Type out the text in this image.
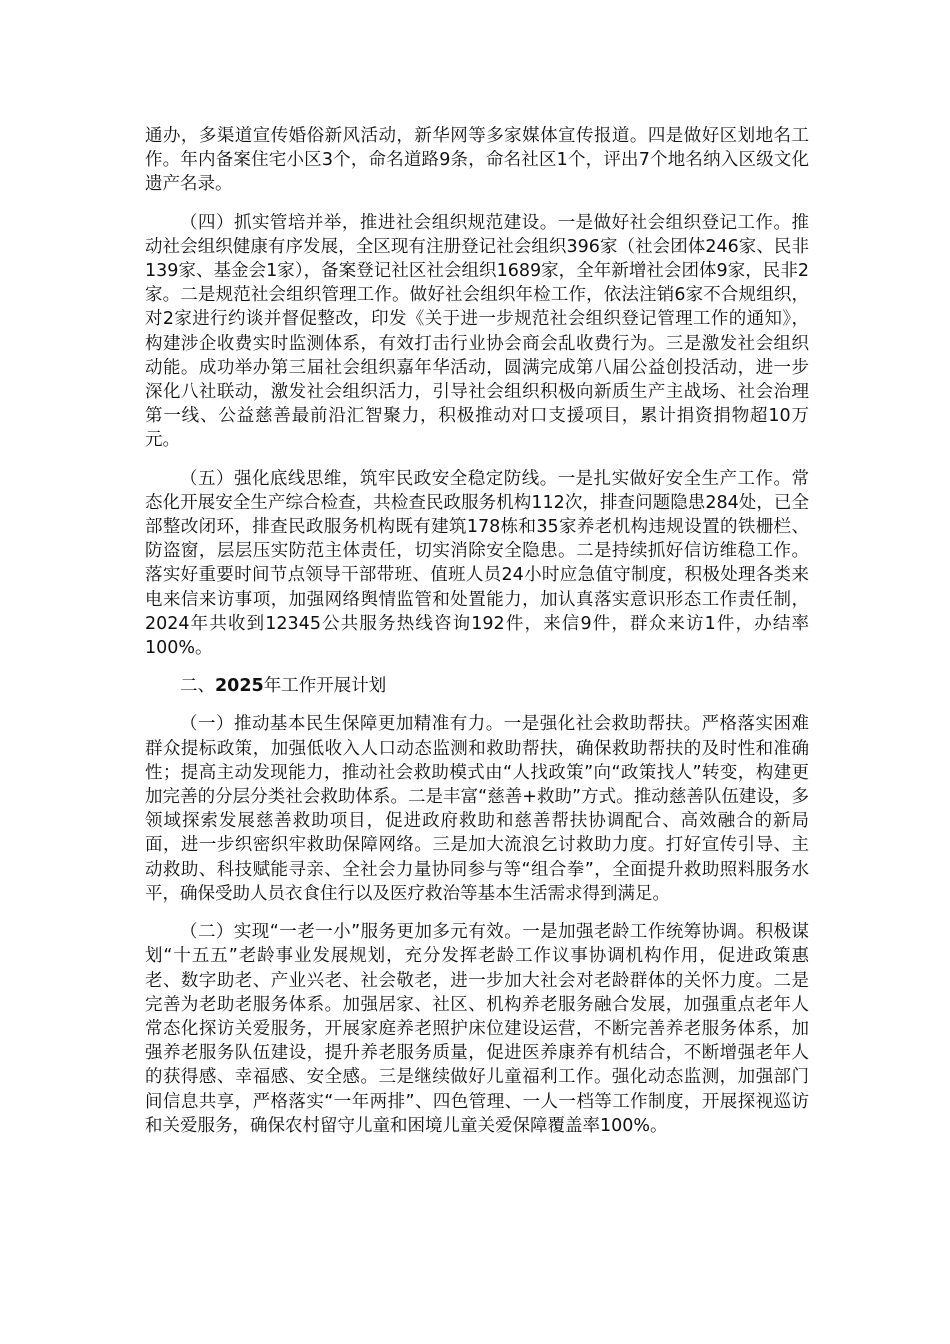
通办，多渠道宣传婚俗新风活动，新华网等多家媒体宣传报道。四是做好区划地名工作。年内备案住宅小区3个，命名道路9条，命名社区1个，评出7个地名纳入区级文化遗产名录。

（四）抓实管培并举，推进社会组织规范建设。一是做好社会组织登记工作。推动社会组织健康有序发展，全区现有注册登记社会组织396家（社会团体246家、民非139家、基金会1家），备案登记社区社会组织1689家，全年新增社会团体9家，民非2家。二是规范社会组织管理工作。做好社会组织年检工作，依法注销6家不合规组织，对2家进行约谈并督促整改，印发《关于进一步规范社会组织登记管理工作的通知》，构建涉企收费实时监测体系，有效打击行业协会商会乱收费行为。三是激发社会组织动能。成功举办第三届社会组织嘉年华活动，圆满完成第八届公益创投活动，进一步深化八社联动，激发社会组织活力，引导社会组织积极向新质生产主战场、社会治理第一线、公益慈善最前沿汇智聚力，积极推动对口支援项目，累计捐资捐物超10万元。

（五）强化底线思维，筑牢民政安全稳定防线。一是扎实做好安全生产工作。常态化开展安全生产综合检查，共检查民政服务机构112次，排查问题隐患284处，已全部整改闭环，排查民政服务机构既有建筑178栋和35家养老机构违规设置的铁栅栏、防盗窗，层层压实防范主体责任，切实消除安全隐患。二是持续抓好信访维稳工作。落实好重要时间节点领导干部带班、值班人员24小时应急值守制度，积极处理各类来电来信来访事项，加强网络舆情监管和处置能力，加认真落实意识形态工作责任制，2024年共收到12345公共服务热线咨询192件，来信9件，群众来访1件，办结率100%。

二、2025年工作开展计划

（一）推动基本民生保障更加精准有力。一是强化社会救助帮扶。严格落实困难群众提标政策，加强低收入人口动态监测和救助帮扶，确保救助帮扶的及时性和准确性；提高主动发现能力，推动社会救助模式由“人找政策”向“政策找人”转变，构建更加完善的分层分类社会救助体系。二是丰富“慈善+救助”方式。推动慈善队伍建设，多领域探索发展慈善救助项目，促进政府救助和慈善帮扶协调配合、高效融合的新局面，进一步织密织牢救助保障网络。三是加大流浪乞讨救助力度。打好宣传引导、主动救助、科技赋能寻亲、全社会力量协同参与等“组合拳”，全面提升救助照料服务水平，确保受助人员衣食住行以及医疗救治等基本生活需求得到满足。

（二）实现“一老一小”服务更加多元有效。一是加强老龄工作统筹协调。积极谋划“十五五”老龄事业发展规划，充分发挥老龄工作议事协调机构作用，促进政策惠老、数字助老、产业兴老、社会敬老，进一步加大社会对老龄群体的关怀力度。二是完善为老助老服务体系。加强居家、社区、机构养老服务融合发展，加强重点老年人常态化探访关爱服务，开展家庭养老照护床位建设运营，不断完善养老服务体系，加强养老服务队伍建设，提升养老服务质量，促进医养康养有机结合，不断增强老年人的获得感、幸福感、安全感。三是继续做好儿童福利工作。强化动态监测，加强部门间信息共享，严格落实“一年两排”、四色管理、一人一档等工作制度，开展探视巡访和关爱服务，确保农村留守儿童和困境儿童关爱保障覆盖率100%。
